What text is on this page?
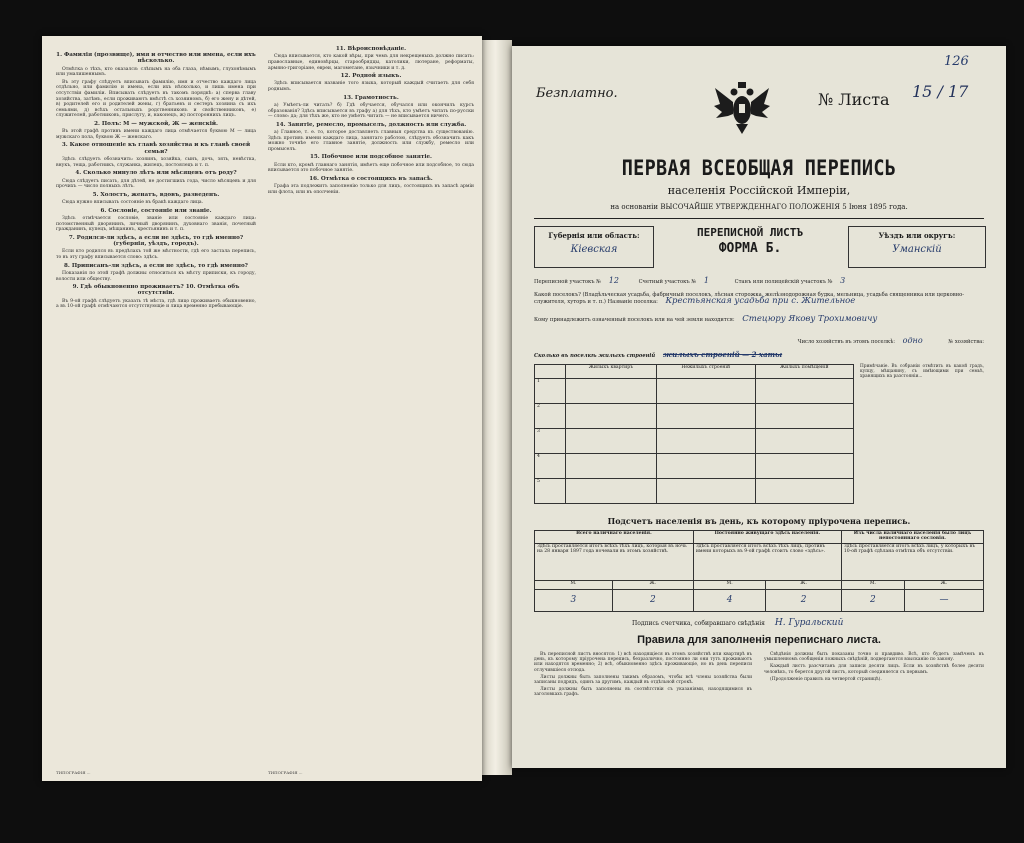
1. Фамилія (прозвище), имя и отчество или имена, если ихъ нѣсколько.

Отмѣтка о тѣхъ, кто оказался: слѣпымъ на оба глаза, нѣмымъ, глухонѣмымъ или умалишеннымъ.

Въ эту графу слѣдуетъ вписывать фамилію, имя и отчество каждаго лица отдѣльно, или фамилію и имена, если ихъ нѣсколько, и лишь имена при отсутствіи фамиліи. Вписывать слѣдуетъ въ такомъ порядкѣ: а) сперва главу хозяйства, затѣмъ, если проживаютъ вмѣстѣ съ хозяиномъ, б) его жену и дѣтей, в) родителей его и родителей жены, г) братьевъ и сестеръ хозяина съ ихъ семьями, д) всѣхъ остальныхъ родственниковъ и свойственниковъ, е) служителей, работниковъ, прислугу, и, наконецъ, ж) постороннихъ лицъ.

2. Полъ: М — мужской, Ж — женскій.

Въ этой графѣ противъ имени каждаго лица отмѣчается буквою М — лица мужскаго пола, буквою Ж — женскаго.

3. Какое отношеніе къ главѣ хозяйства и къ главѣ своей семьи?

Здѣсь слѣдуетъ обозначить: хозяинъ, хозяйка, сынъ, дочь, зять, невѣстка, внукъ, теща, работникъ, служанка, жилецъ, постоялецъ и т. п.

4. Сколько минуло лѣтъ или мѣсяцевъ отъ роду?

Сюда слѣдуетъ писать, для дѣтей, не достигшихъ года, число мѣсяцевъ и для прочихъ — число полныхъ лѣтъ.

5. Холостъ, женатъ, вдовъ, разведенъ.

Сюда нужно вписывать состояніе въ бракѣ каждаго лица.

6. Сословіе, состояніе или званіе.

Здѣсь отмѣчается сословіе, званіе или состояніе каждаго лица: потомственный дворянинъ, личный дворянинъ, духовнаго званія, почетный гражданинъ, купецъ, мѣщанинъ, крестьянинъ и т. п.

7. Родился-ли здѣсь, а если не здѣсь, то гдѣ именно? (губернія, уѣздъ, городъ).

Если кто родился въ предѣлахъ той же мѣстности, гдѣ его застала перепись, то въ эту графу вписывается слово: здѣсь.

8. Приписанъ-ли здѣсь, а если не здѣсь, то гдѣ именно?

Показанія по этой графѣ должны относиться къ мѣсту приписки, къ городу, волости или обществу.

9. Гдѣ обыкновенно проживаетъ? 10. Отмѣтка объ отсутствіи.

Въ 9-ой графѣ слѣдуетъ указать тѣ мѣста, гдѣ лицо проживаетъ обыкновенно, а въ 10-ой графѣ отмѣчаются отсутствующіе и лица временно пребывающіе.

11. Вѣроисповѣданіе.

Сюда вписывается, кто какой вѣры, при чемъ для некрещеныхъ должно писать: православные, единовѣрцы, старообрядцы, католики, лютеране, реформаты, армяно-григоріане, евреи, магометане, язычники и т. д.

12. Родной языкъ.

Здѣсь вписывается названіе того языка, который каждый считаетъ для себя роднымъ.

13. Грамотность.

а) Умѣетъ-ли читать? б) Гдѣ обучается, обучался или окончилъ курсъ образованія? Здѣсь вписывается въ графу а) для тѣхъ, кто умѣетъ читать по-русски — слово: да; для тѣхъ же, кто не умѣетъ читать — не вписывается ничего.

14. Занятіе, ремесло, промыселъ, должность или служба.

а) Главное, т. е. то, которое доставляетъ главныя средства къ существованію. Здѣсь противъ имени каждаго лица, занятаго работою, слѣдуетъ обозначить какъ можно точнѣе его главное занятіе, должность или службу, ремесло или промыселъ.

15. Побочное или подсобное занятіе.

Если кто, кромѣ главнаго занятія, имѣетъ еще побочное или подсобное, то сюда вписывается это побочное занятіе.

16. Отмѣтка о состоящихъ въ запасѣ.

Графа эта подлежитъ заполненію только для лицъ, состоящихъ въ запасѣ арміи или флота, или въ ополченіи.

ТИПОГРАФІЯ ...	ТИПОГРАФІЯ ...
126
Безплатно.	№ Листа 15 / 17
ПЕРВАЯ ВСЕОБЩАЯ ПЕРЕПИСЬ
населенія Россійской Имперіи,
на основаніи ВЫСОЧАЙШЕ УТВЕРЖДЕННАГО ПОЛОЖЕНІЯ 5 Іюня 1895 года.
Губернія или область:
Кіевская
ПЕРЕПИСНОЙ ЛИСТЪ
ФОРМА Б.
Уѣздъ или округъ:
Уманскій
Переписной участокъ № 12	Счетный участокъ № 1	Станъ или полицейскій участокъ № 3
Какой поселокъ? (Владѣльческая усадьба, фабричный поселокъ, лѣсная сторожка, желѣзнодорожная будка, мельница, усадьба священника или церковно-служителя, хуторъ и т. п.) Названіе поселка: Крестьянская усадьба при с. Жительное
Кому принадлежитъ означенный поселокъ или на чей земли находится: Стецюру Якову Трохимовичу
Число хозяйствъ въ этомъ поселкѣ: одно	№ хозяйства:
Сколько въ поселкѣ жилыхъ строеній жилыхъ строеній — 2 хаты
	Жилыхъ квартиръ	Нежилыхъ строеній	Жилыхъ помѣщеній
1			
2			
3			
4			
5			
Примѣчаніе. Въ собраніи отмѣтить въ какой градъ, купцу, мѣщанину, съ имѣющими при семьѣ, хранящихъ на разстояніи...
Подсчетъ населенія въ день, къ которому пріурочена перепись.
Всего наличнаго населенія.		Постоянно живущаго здѣсь населенія.		Изъ числа наличнаго населенія было лицъ непостояннаго сословія.	
Здѣсь проставляется итогъ всѣхъ тѣхъ лицъ, которыя въ ночь на 28 января 1897 года ночевали въ этомъ хозяйствѣ.		Здѣсь проставляется итогъ всѣхъ тѣхъ лицъ, противъ имени которыхъ въ 9-ой графѣ стоитъ слово «здѣсь».		Здѣсь проставляется итогъ всѣхъ лицъ, у которыхъ въ 10-ой графѣ сдѣлана отмѣтка объ отсутствіи.	
М.	Ж.	М.	Ж.	М.	Ж.
3	2	4	2	2	—
Подпись счетчика, собиравшаго свѣдѣнія Н. Гуральский
Правила для заполненія переписнаго листа.

Въ переписной листъ вносятся: 1) всѣ находящіеся въ этомъ хозяйствѣ или квартирѣ въ день, къ которому пріурочена перепись, безразлично, постоянно ли они тутъ проживаютъ или находятся временно; 2) всѣ, обыкновенно здѣсь проживающіе, но въ день переписи отлучившіеся отсюда.

Листы должны быть заполнены такимъ образомъ, чтобы всѣ члены хозяйства были записаны подрядъ, одинъ за другимъ, каждый въ отдѣльной строкѣ.

Листы должны быть заполнены въ соотвѣтствіи съ указаніями, находящимися въ заголовкахъ графъ.

Свѣдѣнія должны быть показаны точно и правдиво. Всѣ, кто будетъ замѣченъ въ умышленномъ сообщеніи ложныхъ свѣдѣній, подвергаются взысканію по закону.

Каждый листъ разсчитанъ для записи десяти лицъ. Если въ хозяйствѣ более десяти человѣкъ, то берется другой листъ, который соединяется съ первымъ.

(Продолженіе правилъ на четвертой страницѣ).
